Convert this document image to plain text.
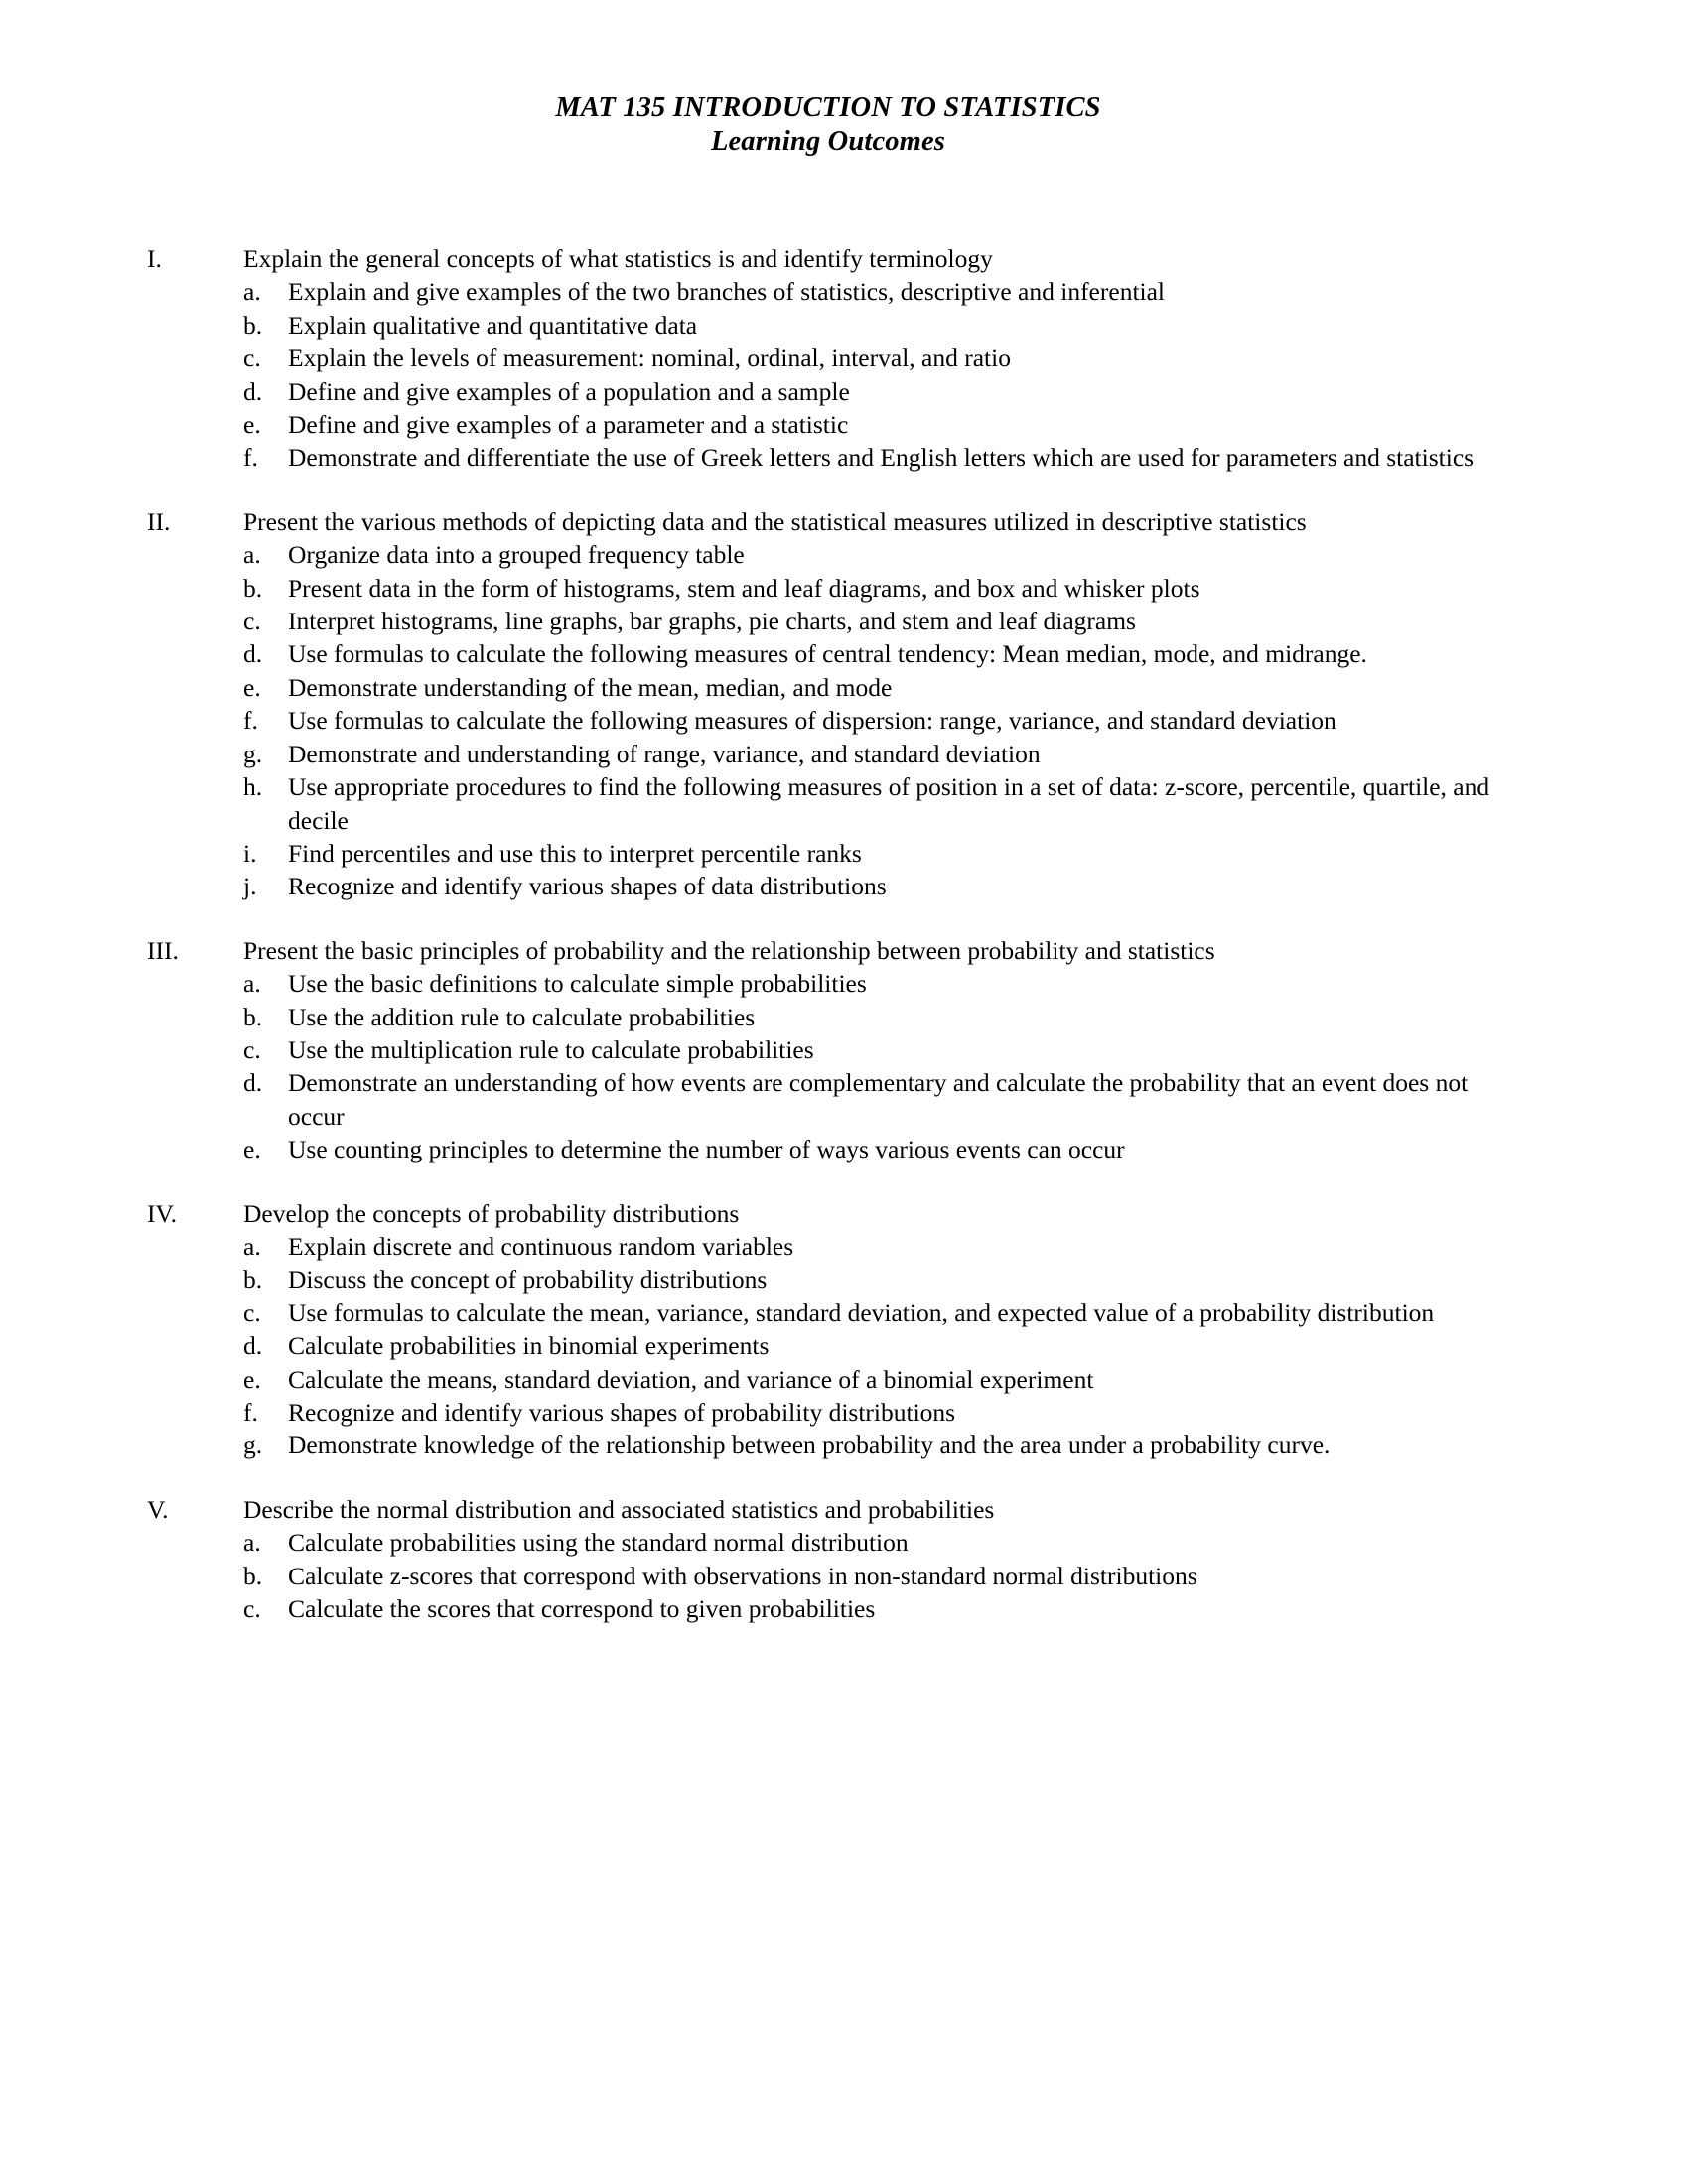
MAT 135 INTRODUCTION TO STATISTICS
Learning Outcomes
I.	Explain the general concepts of what statistics is and identify terminology
a.	Explain and give examples of the two branches of statistics, descriptive and inferential
b.	Explain qualitative and quantitative data
c.	Explain the levels of measurement: nominal, ordinal, interval, and ratio
d.	Define and give examples of a population and a sample
e.	Define and give examples of a parameter and a statistic
f.	Demonstrate and differentiate the use of Greek letters and English letters which are used for parameters and statistics
II.	Present the various methods of depicting data and the statistical measures utilized in descriptive statistics
a.	Organize data into a grouped frequency table
b.	Present data in the form of histograms, stem and leaf diagrams, and box and whisker plots
c.	Interpret histograms, line graphs, bar graphs, pie charts, and stem and leaf diagrams
d.	Use formulas to calculate the following measures of central tendency: Mean median, mode, and midrange.
e.	Demonstrate understanding of the mean, median, and mode
f.	Use formulas to calculate the following measures of dispersion: range, variance, and standard deviation
g.	Demonstrate and understanding of range, variance, and standard deviation
h.	Use appropriate procedures to find the following measures of position in a set of data: z-score, percentile, quartile, and decile
i.	Find percentiles and use this to interpret percentile ranks
j.	Recognize and identify various shapes of data distributions
III.	Present the basic principles of probability and the relationship between probability and statistics
a.	Use the basic definitions to calculate simple probabilities
b.	Use the addition rule to calculate probabilities
c.	Use the multiplication rule to calculate probabilities
d.	Demonstrate an understanding of how events are complementary and calculate the probability that an event does not occur
e.	Use counting principles to determine the number of ways various events can occur
IV.	Develop the concepts of probability distributions
a.	Explain discrete and continuous random variables
b.	Discuss the concept of probability distributions
c.	Use formulas to calculate the mean, variance, standard deviation, and expected value of a probability distribution
d.	Calculate probabilities in binomial experiments
e.	Calculate the means, standard deviation, and variance of a binomial experiment
f.	Recognize and identify various shapes of probability distributions
g.	Demonstrate knowledge of the relationship between probability and the area under a probability curve.
V.	Describe the normal distribution and associated statistics and probabilities
a.	Calculate probabilities using the standard normal distribution
b.	Calculate z-scores that correspond with observations in non-standard normal distributions
c.	Calculate the scores that correspond to given probabilities
